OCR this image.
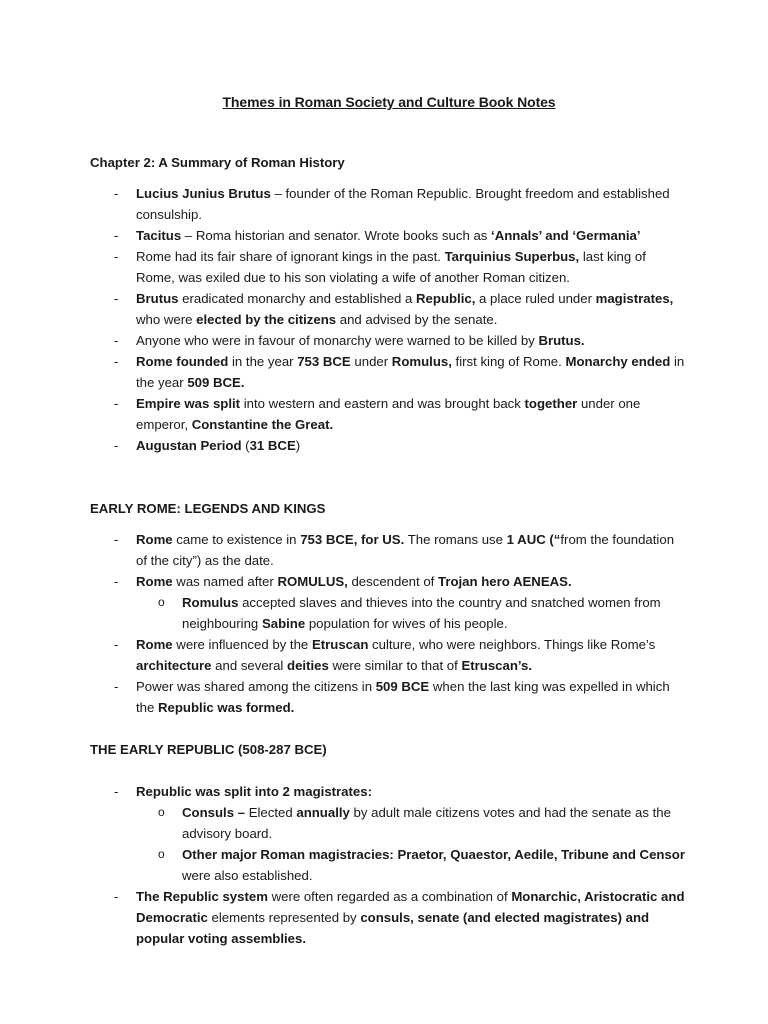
Themes in Roman Society and Culture Book Notes

Chapter 2: A Summary of Roman History

- Lucius Junius Brutus – founder of the Roman Republic. Brought freedom and established consulship.
- Tacitus – Roma historian and senator. Wrote books such as ‘Annals’ and ‘Germania’
- Rome had its fair share of ignorant kings in the past. Tarquinius Superbus, last king of Rome, was exiled due to his son violating a wife of another Roman citizen.
- Brutus eradicated monarchy and established a Republic, a place ruled under magistrates, who were elected by the citizens and advised by the senate.
- Anyone who were in favour of monarchy were warned to be killed by Brutus.
- Rome founded in the year 753 BCE under Romulus, first king of Rome. Monarchy ended in the year 509 BCE.
- Empire was split into western and eastern and was brought back together under one emperor, Constantine the Great.
- Augustan Period (31 BCE)

EARLY ROME: LEGENDS AND KINGS

- Rome came to existence in 753 BCE, for US. The romans use 1 AUC (“from the foundation of the city”) as the date.
- Rome was named after ROMULUS, descendent of Trojan hero AENEAS.
o Romulus accepted slaves and thieves into the country and snatched women from neighbouring Sabine population for wives of his people.
- Rome were influenced by the Etruscan culture, who were neighbors. Things like Rome’s architecture and several deities were similar to that of Etruscan’s.
- Power was shared among the citizens in 509 BCE when the last king was expelled in which the Republic was formed.

THE EARLY REPUBLIC (508-287 BCE)

- Republic was split into 2 magistrates:
o Consuls – Elected annually by adult male citizens votes and had the senate as the advisory board.
o Other major Roman magistracies: Praetor, Quaestor, Aedile, Tribune and Censor were also established.
- The Republic system were often regarded as a combination of Monarchic, Aristocratic and Democratic elements represented by consuls, senate (and elected magistrates) and popular voting assemblies.
